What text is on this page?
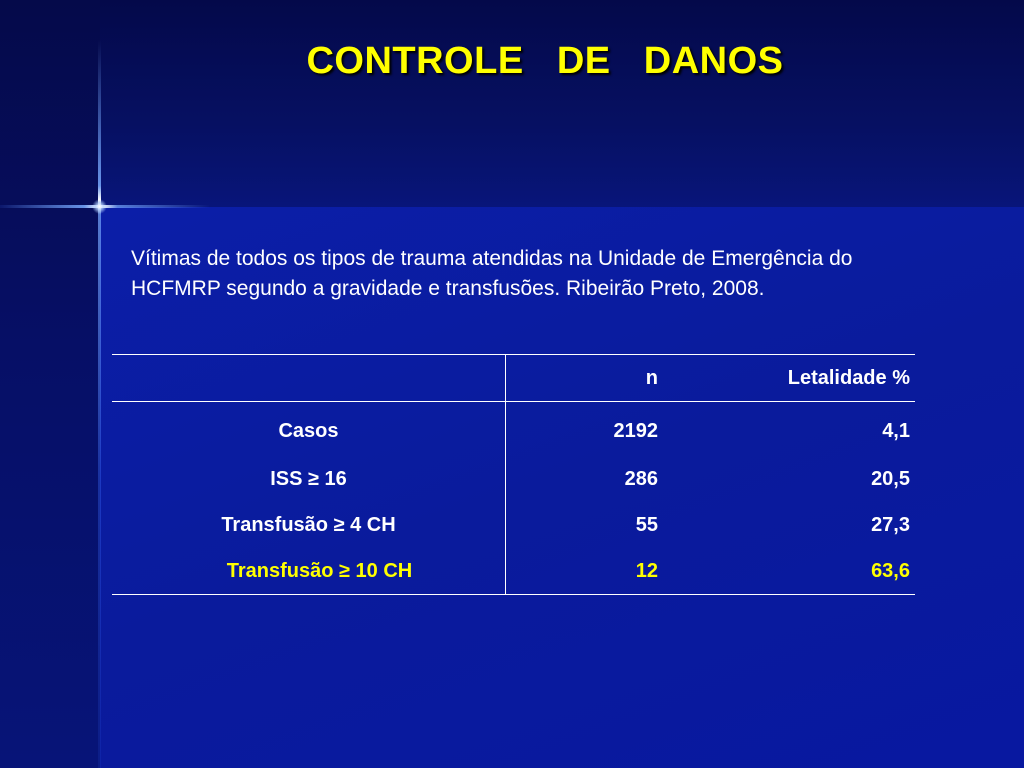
CONTROLE   DE   DANOS
Vítimas de todos os tipos de trauma atendidas na Unidade de Emergência do HCFMRP segundo a gravidade e transfusões. Ribeirão Preto, 2008.
	n	Letalidade %
Casos	2192	4,1
ISS ≥ 16	286	20,5
Transfusão ≥ 4 CH	55	27,3
Transfusão ≥ 10 CH	12	63,6
